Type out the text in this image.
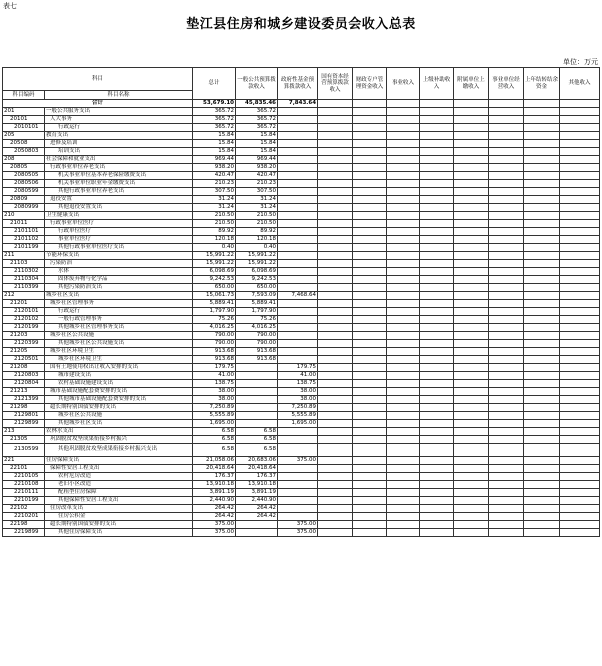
表七
垫江县住房和城乡建设委员会收入总表
单位：万元
科目		总计	一般公共预算拨款收入	政府性基金预算拨款收入	国有资本经营预算拨款收入	财政专户管理资金收入	事业收入	上级补助收入	附属单位上缴收入	事业单位经营收入	上年结转结余资金	其他收入
科目编码	科目名称											
合计		53,679.10	45,835.46	7,843.64								
201	一般公共服务支出	365.72	365.72									
20101	人大事务	365.72	365.72									
2010101	行政运行	365.72	365.72									
205	教育支出	15.84	15.84									
20508	进修及培训	15.84	15.84									
2050803	培训支出	15.84	15.84									
208	社会保障和就业支出	969.44	969.44									
20805	行政事业单位养老支出	938.20	938.20									
2080505	机关事业单位基本养老保险缴费支出	420.47	420.47									
2080506	机关事业单位职业年金缴费支出	210.23	210.23									
2080599	其他行政事业单位养老支出	307.50	307.50									
20809	退役安置	31.24	31.24									
2080999	其他退役安置支出	31.24	31.24									
210	卫生健康支出	210.50	210.50									
21011	行政事业单位医疗	210.50	210.50									
2101101	行政单位医疗	89.92	89.92									
2101102	事业单位医疗	120.18	120.18									
2101199	其他行政事业单位医疗支出	0.40	0.40									
211	节能环保支出	15,991.22	15,991.22									
21103	污染防治	15,991.22	15,991.22									
2110302	水体	6,098.69	6,098.69									
2110304	固体废弃物与化学品	9,242.53	9,242.53									
2110399	其他污染防治支出	650.00	650.00									
212	城乡社区支出	15,061.73	7,593.09	7,468.64								
21201	城乡社区管理事务	5,889.41	5,889.41									
2120101	行政运行	1,797.90	1,797.90									
2120102	一般行政管理事务	75.26	75.26									
2120199	其他城乡社区管理事务支出	4,016.25	4,016.25									
21203	城乡社区公共设施	790.00	790.00									
2120399	其他城乡社区公共设施支出	790.00	790.00									
21205	城乡社区环境卫生	913.68	913.68									
2120501	城乡社区环境卫生	913.68	913.68									
21208	国有土地使用权出让收入安排的支出	179.75		179.75								
2120803	城市建设支出	41.00		41.00								
2120804	农村基础设施建设支出	138.75		138.75								
21213	城市基础设施配套费安排的支出	38.00		38.00								
2121399	其他城市基础设施配套费安排的支出	38.00		38.00								
21298	超长期特别国债安排的支出	7,250.89		7,250.89								
2129801	城乡社区公共设施	5,555.89		5,555.89								
2129899	其他城乡社区支出	1,695.00		1,695.00								
213	农林水支出	6.58	6.58									
21305	巩固脱贫攻坚成果衔接乡村振兴	6.58	6.58									
2130599	其他巩固脱贫攻坚成果衔接乡村振兴支出	6.58	6.58									
221	住房保障支出	21,058.06	20,683.06	375.00								
22101	保障性安居工程支出	20,418.64	20,418.64									
2210105	农村危房改造	176.37	176.37									
2210108	老旧小区改造	13,910.18	13,910.18									
2210111	配租型住房保障	3,891.19	3,891.19									
2210199	其他保障性安居工程支出	2,440.90	2,440.90									
22102	住房改革支出	264.42	264.42									
2210201	住房公积金	264.42	264.42									
22198	超长期特别国债安排的支出	375.00		375.00								
2219899	其他住房保障支出	375.00		375.00								
